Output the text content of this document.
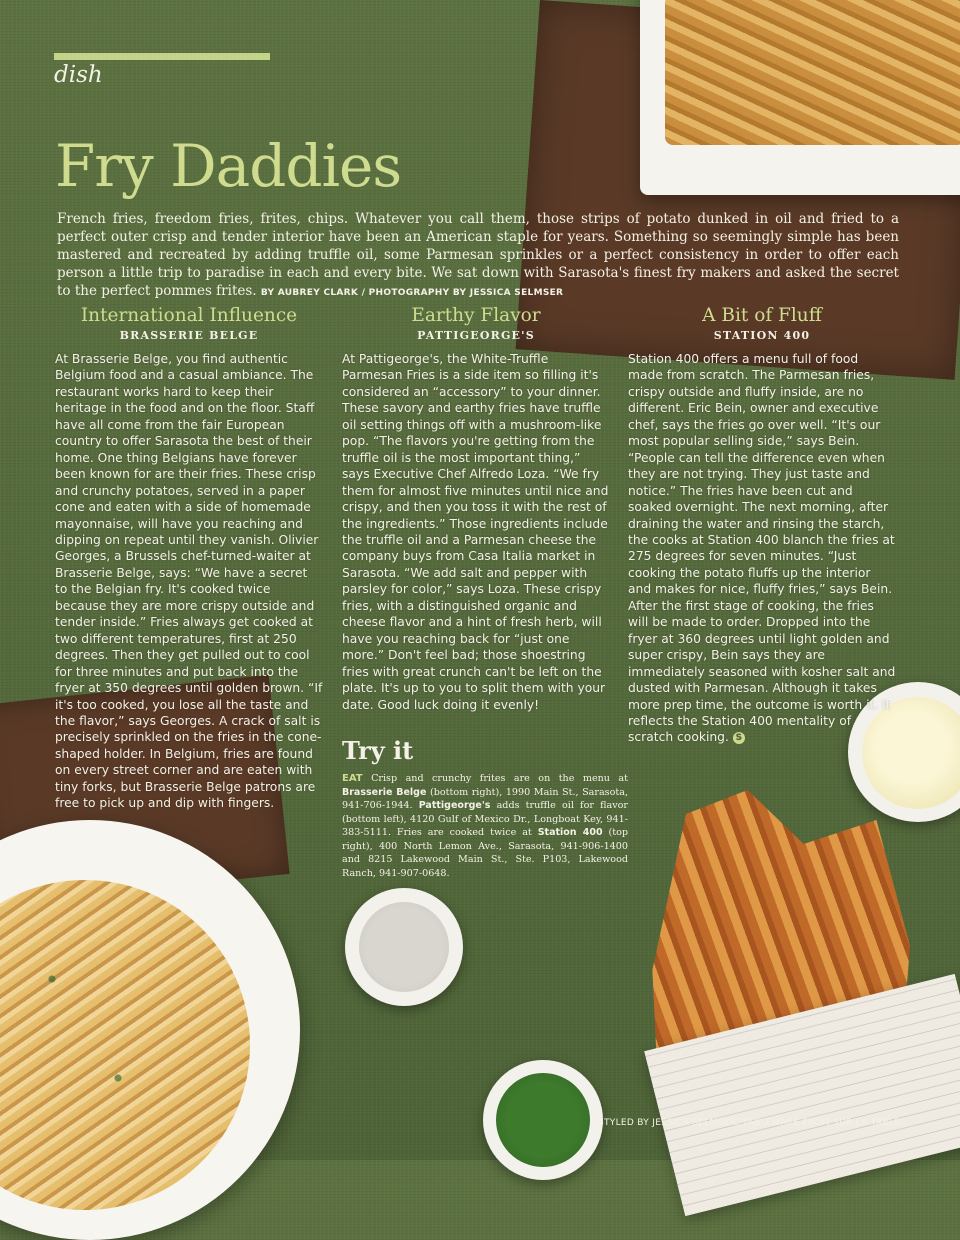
dish
Fry Daddies
French fries, freedom fries, frites, chips. Whatever you call them, those strips of potato dunked in oil and fried to a perfect outer crisp and tender interior have been an American staple for years. Something so seemingly simple has been mastered and recreated by adding truffle oil, some Parmesan sprinkles or a perfect consistency in order to offer each person a little trip to paradise in each and every bite. We sat down with Sarasota's finest fry makers and asked the secret to the perfect pommes frites. BY AUBREY CLARK / PHOTOGRAPHY BY JESSICA SELMSER
International Influence
BRASSERIE BELGE

At Brasserie Belge, you find authentic Belgium food and a casual ambiance. The restaurant works hard to keep their heritage in the food and on the floor. Staff have all come from the fair European country to offer Sarasota the best of their home. One thing Belgians have forever been known for are their fries. These crisp and crunchy potatoes, served in a paper cone and eaten with a side of homemade mayonnaise, will have you reaching and dipping on repeat until they vanish. Olivier Georges, a Brussels chef-turned-waiter at Brasserie Belge, says: “We have a secret to the Belgian fry. It's cooked twice because they are more crispy outside and tender inside.” Fries always get cooked at two different temperatures, first at 250 degrees. Then they get pulled out to cool for three minutes and put back into the fryer at 350 degrees until golden brown. “If it's too cooked, you lose all the taste and the flavor,” says Georges. A crack of salt is precisely sprinkled on the fries in the cone-shaped holder. In Belgium, fries are found on every street corner and are eaten with tiny forks, but Brasserie Belge patrons are free to pick up and dip with fingers.

Earthy Flavor
PATTIGEORGE'S

At Pattigeorge's, the White-Truffle Parmesan Fries is a side item so filling it's considered an “accessory” to your dinner. These savory and earthy fries have truffle oil setting things off with a mushroom-like pop. “The flavors you're getting from the truffle oil is the most important thing,” says Executive Chef Alfredo Loza. “We fry them for almost five minutes until nice and crispy, and then you toss it with the rest of the ingredients.” Those ingredients include the truffle oil and a Parmesan cheese the company buys from Casa Italia market in Sarasota. “We add salt and pepper with parsley for color,” says Loza. These crispy fries, with a distinguished organic and cheese flavor and a hint of fresh herb, will have you reaching back for “just one more.” Don't feel bad; those shoestring fries with great crunch can't be left on the plate. It's up to you to split them with your date. Good luck doing it evenly!

A Bit of Fluff
STATION 400

Station 400 offers a menu full of food made from scratch. The Parmesan fries, crispy outside and fluffy inside, are no different. Eric Bein, owner and executive chef, says the fries go over well. “It's our most popular selling side,” says Bein. “People can tell the difference even when they are not trying. They just taste and notice.” The fries have been cut and soaked overnight. The next morning, after draining the water and rinsing the starch, the cooks at Station 400 blanch the fries at 275 degrees for seven minutes. “Just cooking the potato fluffs up the interior and makes for nice, fluffy fries,” says Bein. After the first stage of cooking, the fries will be made to order. Dropped into the fryer at 360 degrees until light golden and super crispy, Bein says they are immediately seasoned with kosher salt and dusted with Parmesan. Although it takes more prep time, the outcome is worth it. It reflects the Station 400 mentality of scratch cooking. S

Try it
EAT Crisp and crunchy frites are on the menu at Brasserie Belge (bottom right), 1990 Main St., Sarasota, 941-706-1944. Pattigeorge's adds truffle oil for flavor (bottom left), 4120 Gulf of Mexico Dr., Longboat Key, 941-383-5111. Fries are cooked twice at Station 400 (top right), 400 North Lemon Ave., Sarasota, 941-906-1400 and 8215 Lakewood Main St., Ste. P103, Lakewood Ranch, 941-907-0648.
STYLED BY JESSICA SELMSER. TABLEWARE FROM SUR LA TABLE.
